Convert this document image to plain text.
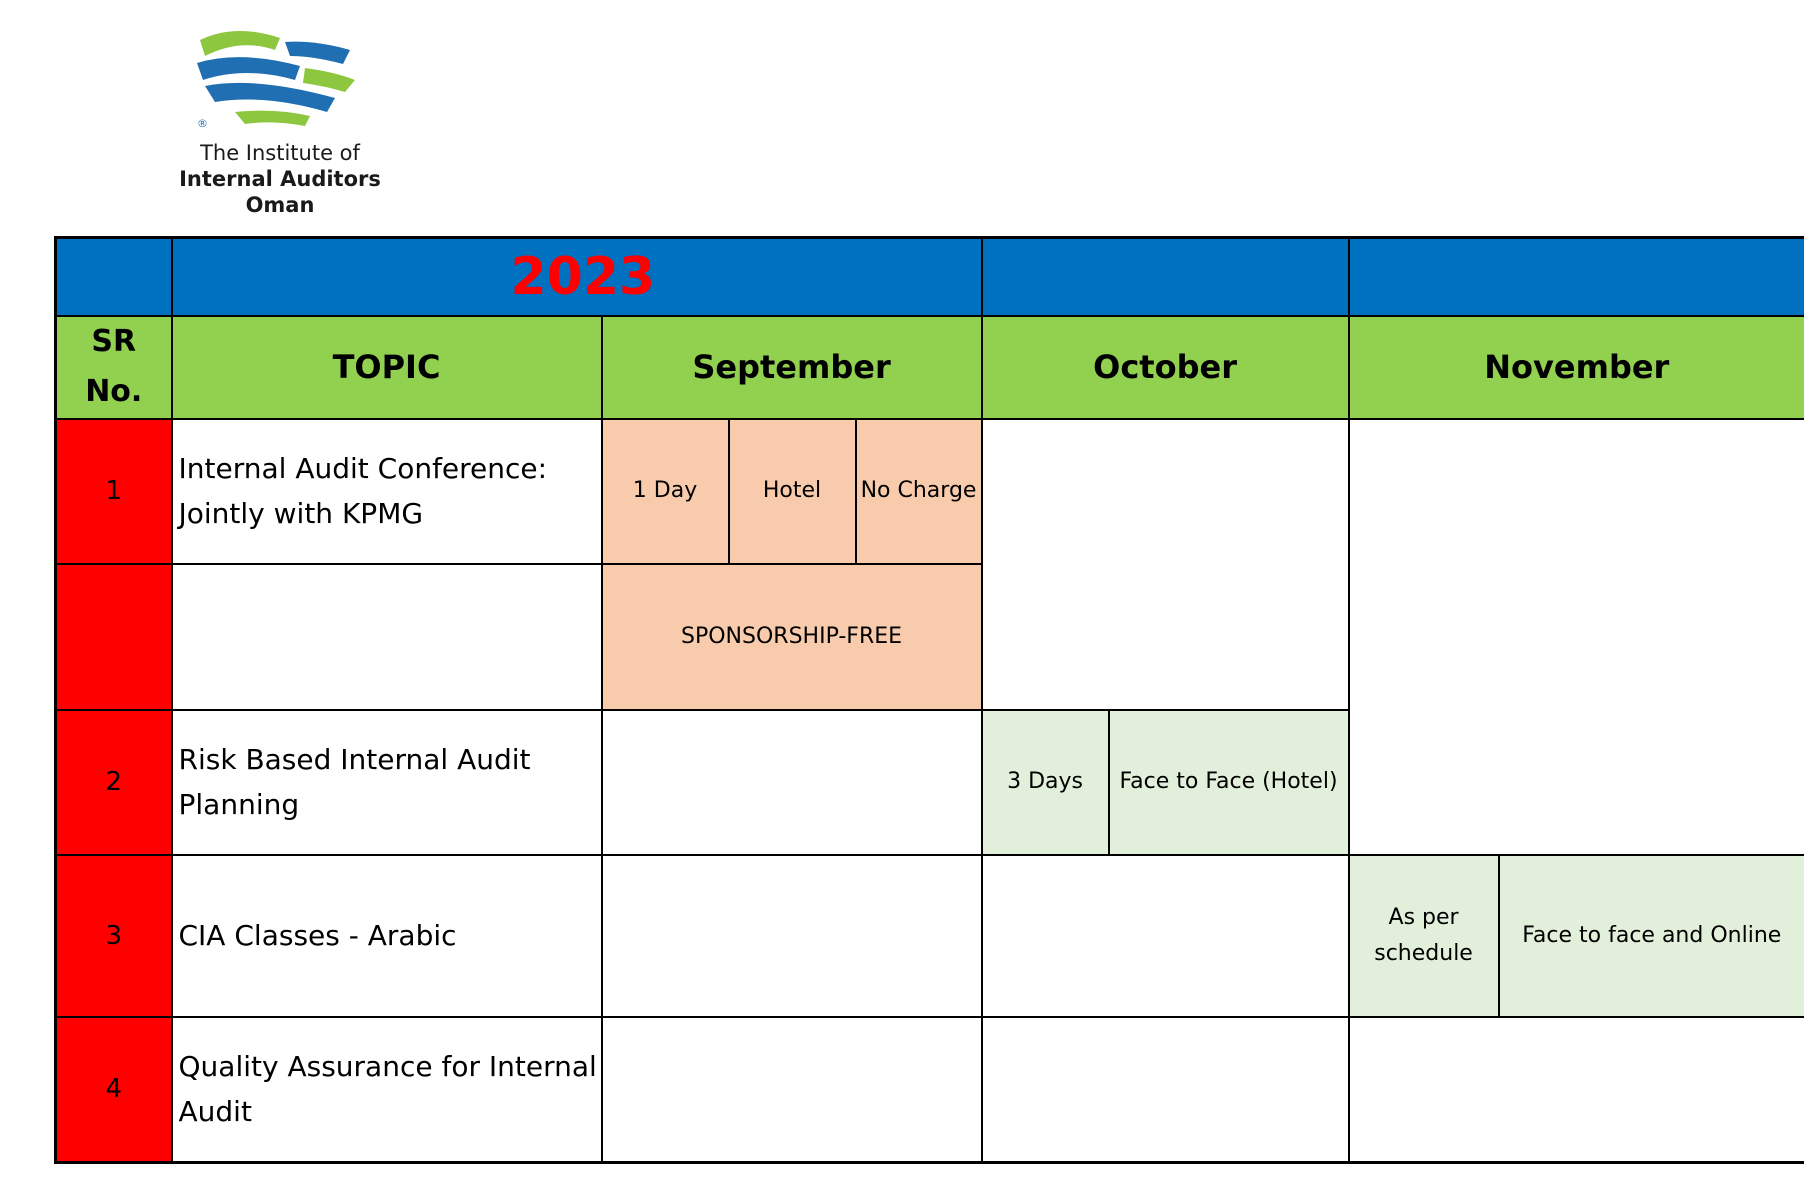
®
The Institute of
Internal Auditors
Oman
	2023							

SR
No.	TOPIC	September			October		November	
1	Internal Audit Conference: Jointly with KPMG	1 Day	Hotel	No Charge				
		SPONSORSHIP-FREE						
2	Risk Based Internal Audit Planning				3 Days	Face to Face (Hotel)		
3	CIA Classes - Arabic						As per schedule	Face to face and Online
4	Quality Assurance for Internal Audit							
